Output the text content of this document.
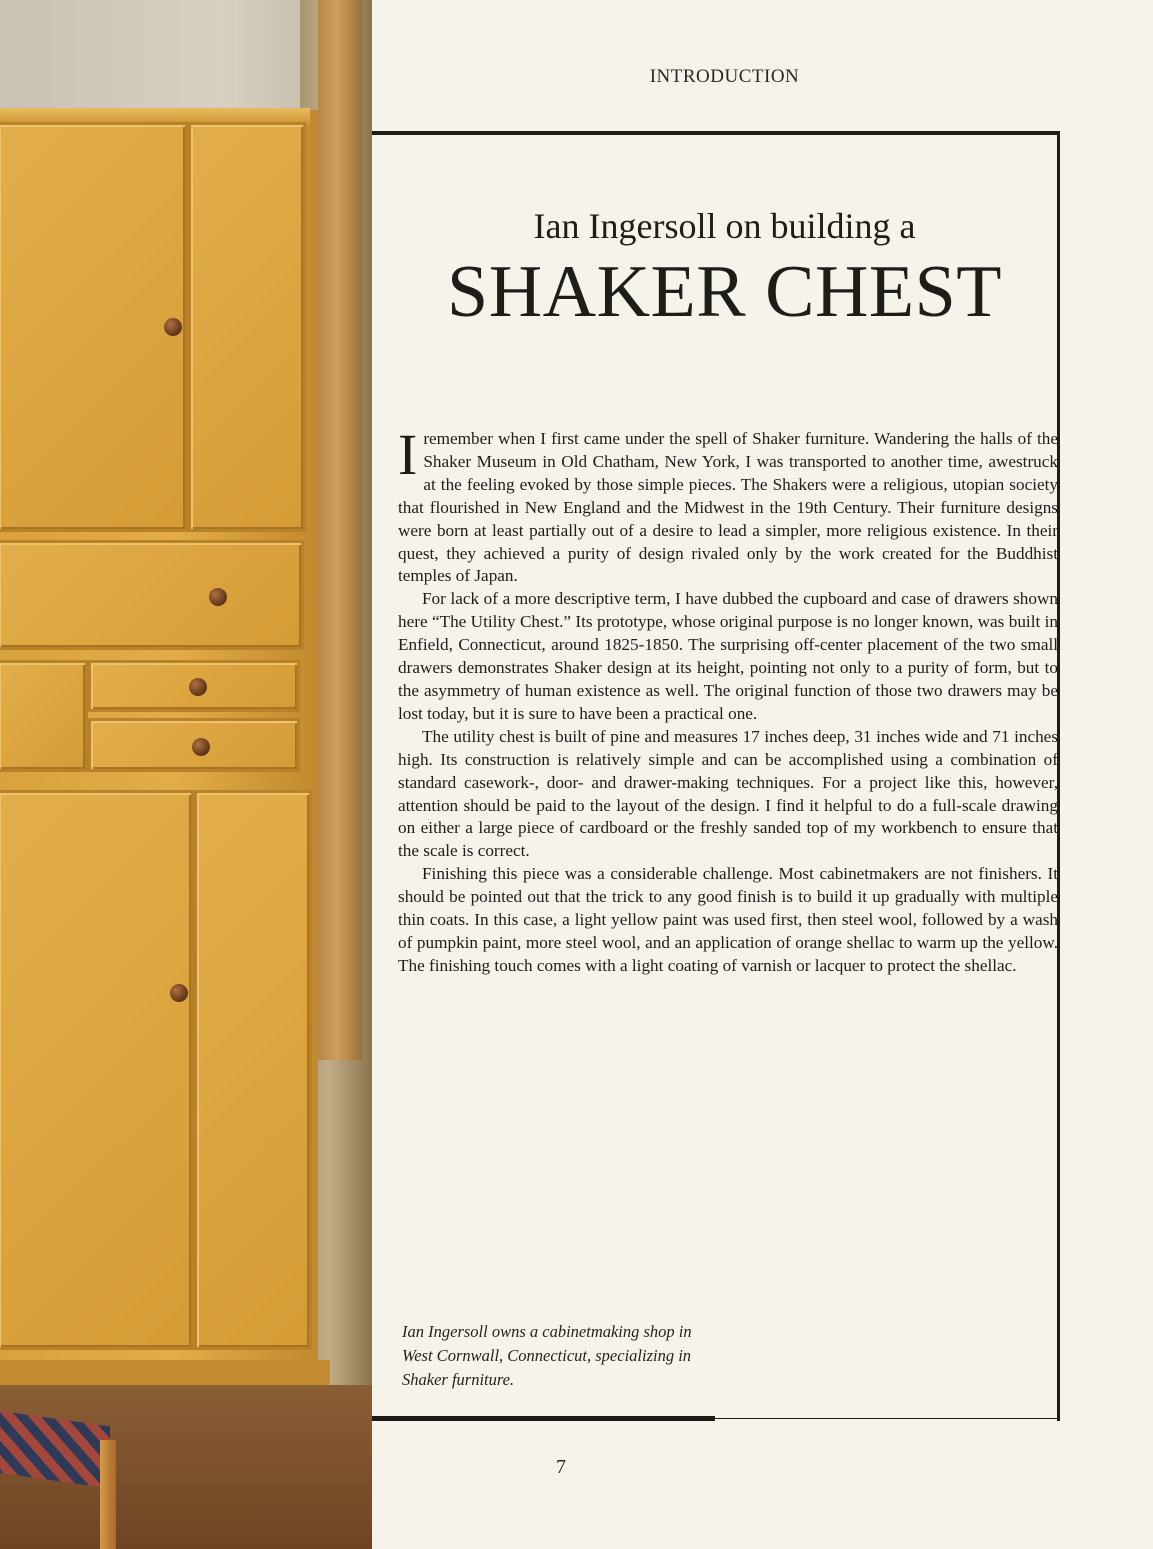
INTRODUCTION
Ian Ingersoll on building a
SHAKER CHEST

Iremember when I first came under the spell of Shaker furniture. Wandering the halls of the Shaker Museum in Old Chatham, New York, I was transported to another time, awestruck at the feeling evoked by those simple pieces. The Shakers were a religious, utopian society that flourished in New England and the Midwest in the 19th Century. Their furniture designs were born at least partially out of a desire to lead a simpler, more religious existence. In their quest, they achieved a purity of design rivaled only by the work created for the Buddhist temples of Japan.

For lack of a more descriptive term, I have dubbed the cupboard and case of drawers shown here “The Utility Chest.” Its prototype, whose original purpose is no longer known, was built in Enfield, Connecticut, around 1825-1850. The surprising off-center placement of the two small drawers demonstrates Shaker design at its height, pointing not only to a purity of form, but to the asymmetry of human existence as well. The original function of those two drawers may be lost today, but it is sure to have been a practical one.

The utility chest is built of pine and measures 17 inches deep, 31 inches wide and 71 inches high. Its construction is relatively simple and can be accomplished using a combination of standard casework-, door- and drawer-making techniques. For a project like this, however, attention should be paid to the layout of the design. I find it helpful to do a full-scale drawing on either a large piece of cardboard or the freshly sanded top of my workbench to ensure that the scale is correct.

Finishing this piece was a considerable challenge. Most cabinetmakers are not finishers. It should be pointed out that the trick to any good finish is to build it up gradually with multiple thin coats. In this case, a light yellow paint was used first, then steel wool, followed by a wash of pumpkin paint, more steel wool, and an application of orange shellac to warm up the yellow. The finishing touch comes with a light coating of varnish or lacquer to protect the shellac.

Ian Ingersoll owns a cabinetmaking shop in West Cornwall, Connecticut, specializing in Shaker furniture.
7
